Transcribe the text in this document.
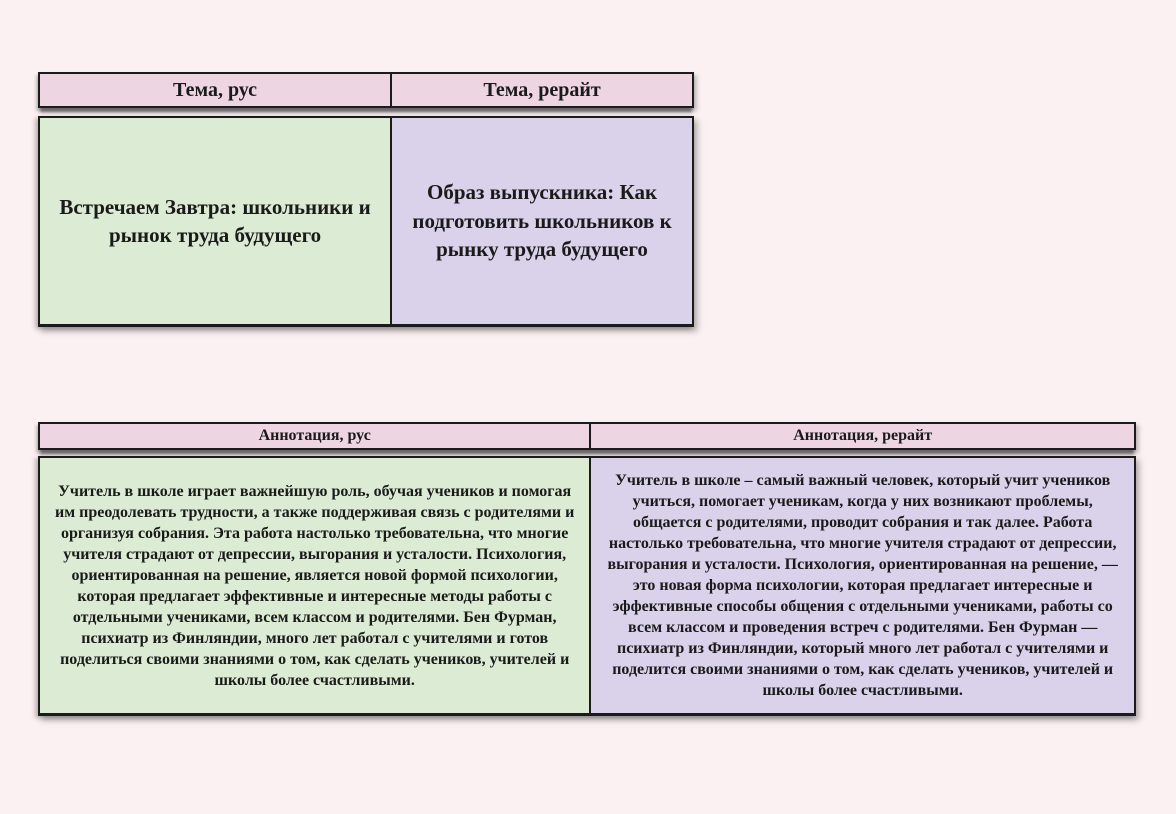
Тема, рус	Тема, рерайт
Встречаем Завтра: школьники и рынок труда будущего
Образ выпускника: Как подготовить школьников к рынку труда будущего
Аннотация, рус	Аннотация, рерайт
Учитель в школе играет важнейшую роль, обучая учеников и помогая им преодолевать трудности, а также поддерживая связь с родителями и организуя собрания. Эта работа настолько требовательна, что многие учителя страдают от депрессии, выгорания и усталости. Психология, ориентированная на решение, является новой формой психологии, которая предлагает эффективные и интересные методы работы с отдельными учениками, всем классом и родителями. Бен Фурман, психиатр из Финляндии, много лет работал с учителями и готов поделиться своими знаниями о том, как сделать учеников, учителей и школы более счастливыми.
Учитель в школе – самый важный человек, который учит учеников учиться, помогает ученикам, когда у них возникают проблемы, общается с родителями, проводит собрания и так далее. Работа настолько требовательна, что многие учителя страдают от депрессии, выгорания и усталости. Психология, ориентированная на решение, — это новая форма психологии, которая предлагает интересные и эффективные способы общения с отдельными учениками, работы со всем классом и проведения встреч с родителями. Бен Фурман — психиатр из Финляндии, который много лет работал с учителями и поделится своими знаниями о том, как сделать учеников, учителей и школы более счастливыми.
